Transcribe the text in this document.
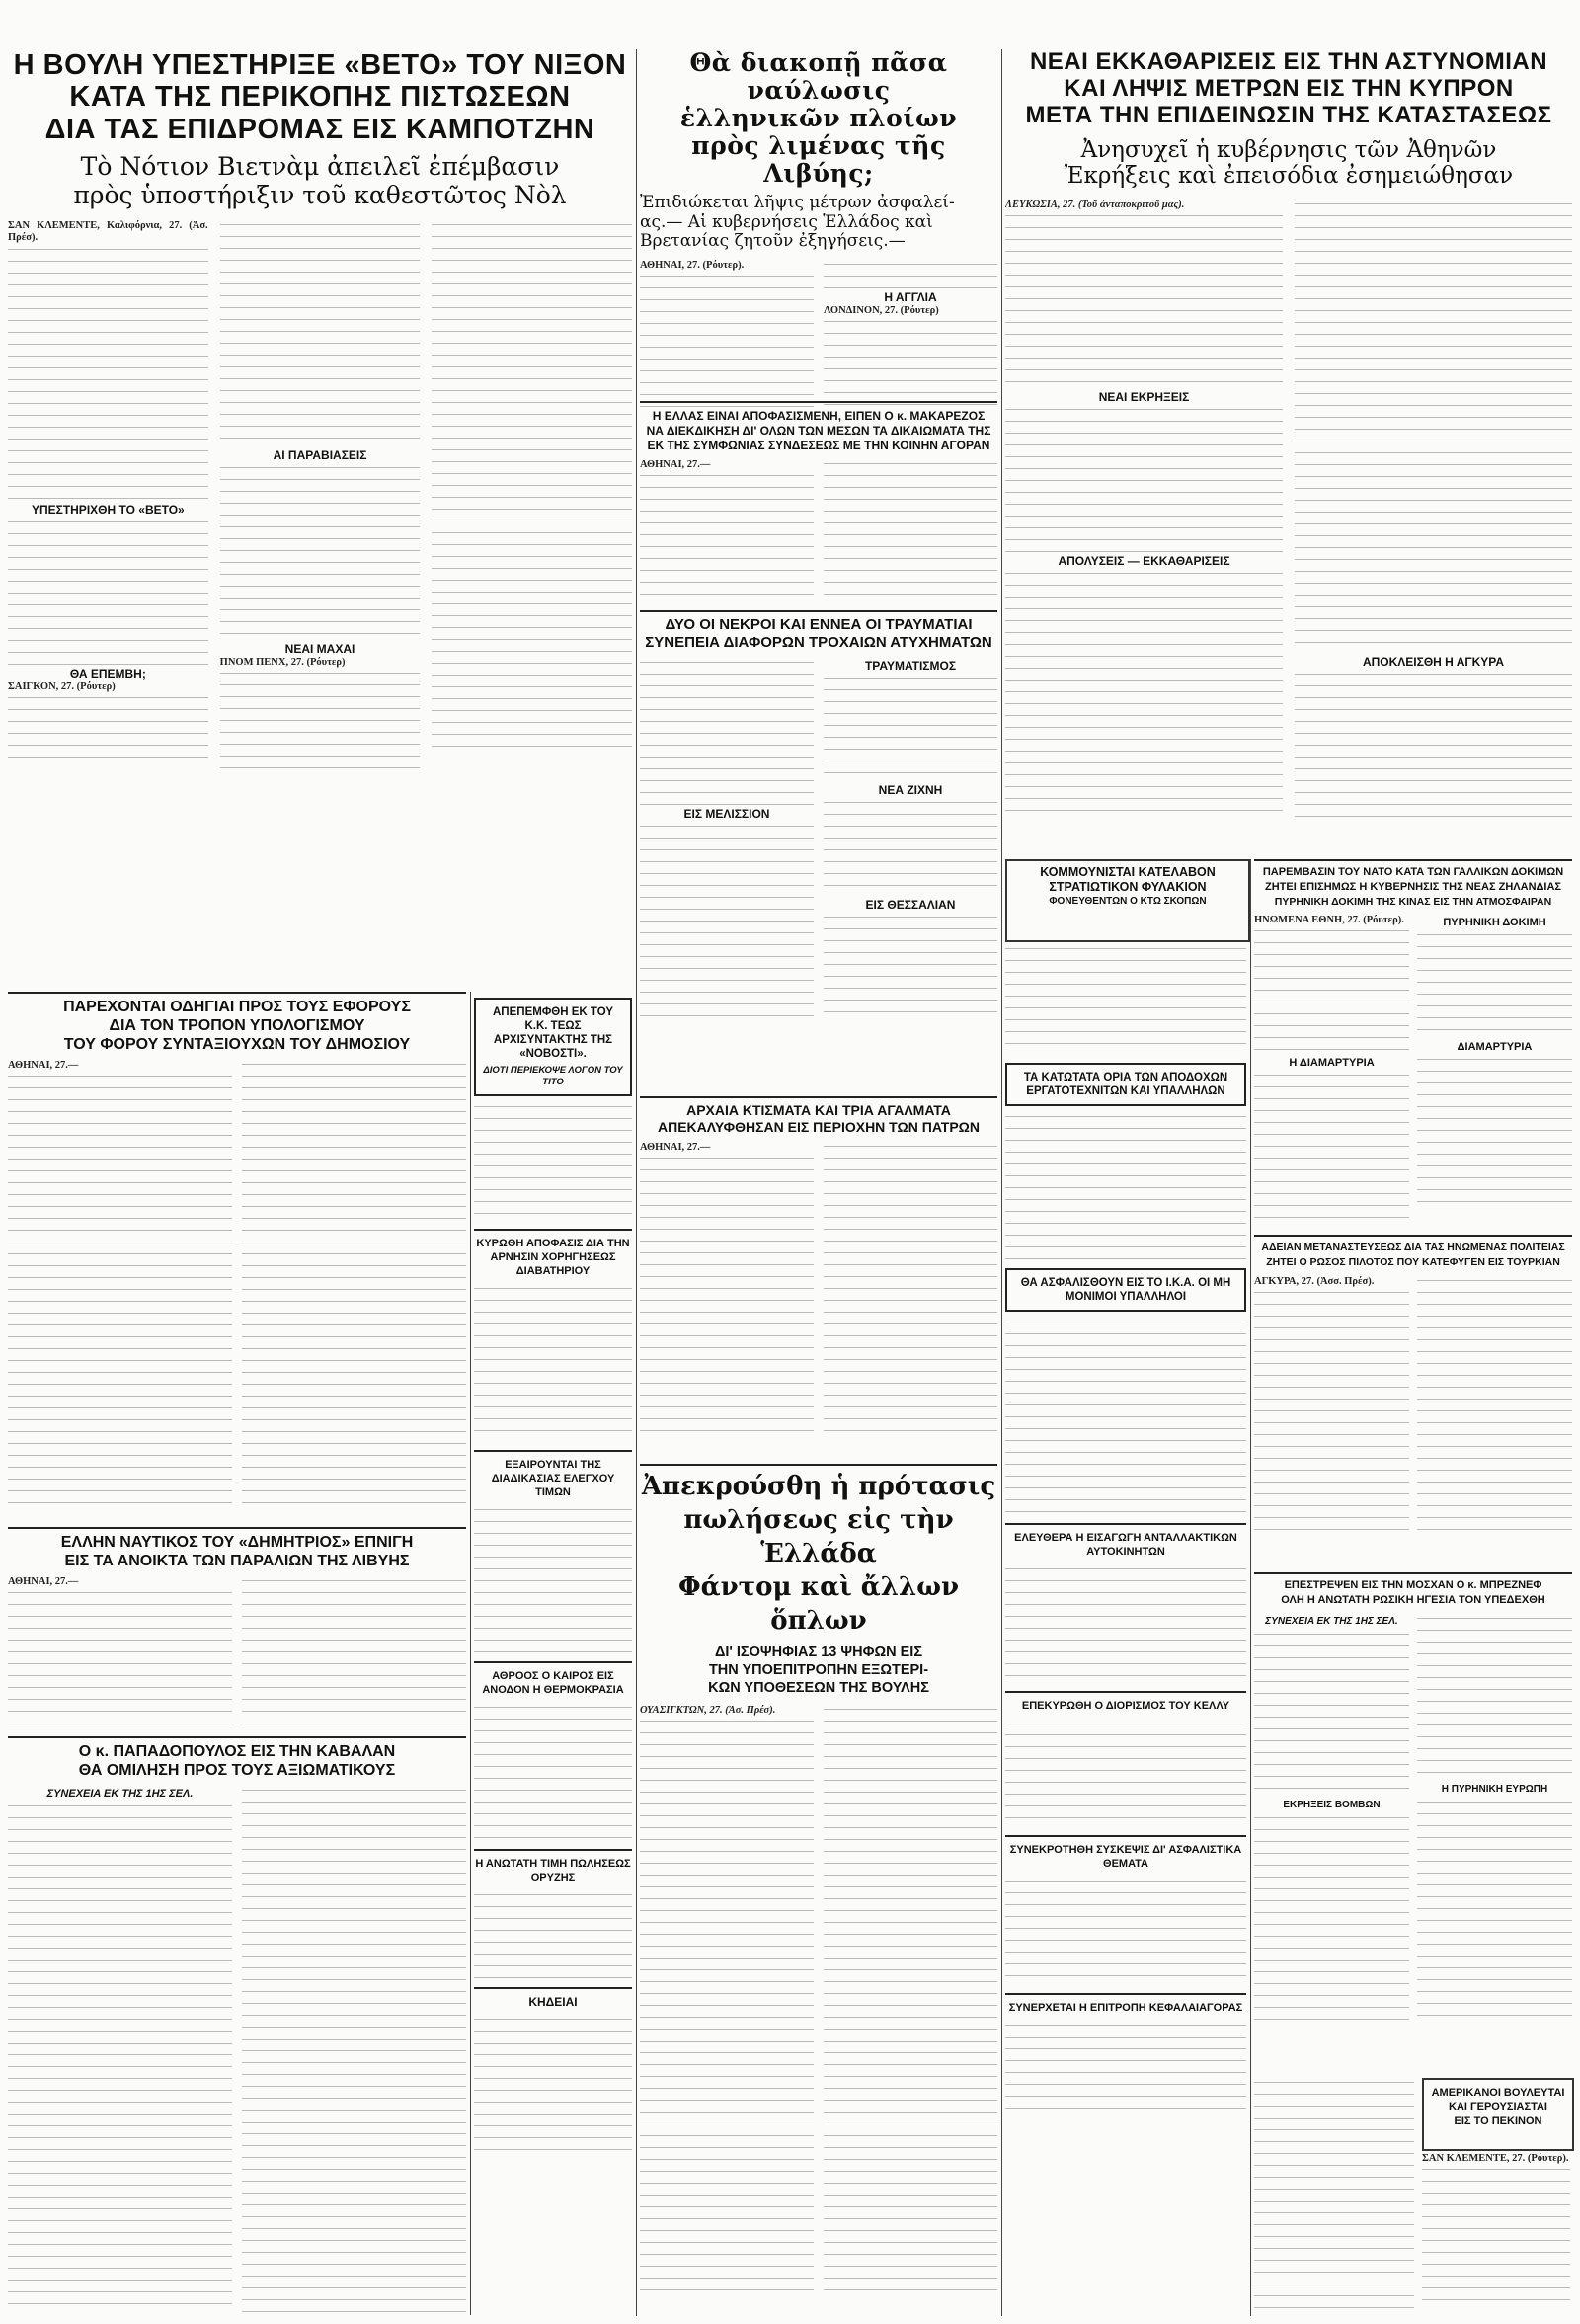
Η ΒΟΥΛΗ ΥΠΕΣΤΗΡΙΞΕ «ΒΕΤΟ» ΤΟΥ ΝΙΞΟΝ
ΚΑΤΑ ΤΗΣ ΠΕΡΙΚΟΠΗΣ ΠΙΣΤΩΣΕΩΝ
ΔΙΑ ΤΑΣ ΕΠΙΔΡΟΜΑΣ ΕΙΣ ΚΑΜΠΟΤΖΗΝ

Τὸ Νότιον Βιετνὰμ ἀπειλεῖ ἐπέμβασιν

πρὸς ὑποστήριξιν τοῦ καθεστῶτος Νὸλ

ΣΑΝ ΚΛΕΜΕΝΤΕ, Καλιφόρνια, 27. (Ἀσ. Πρέσ).

ΥΠΕΣΤΗΡΙΧΘΗ ΤΟ «ΒΕΤΟ»

ΘΑ ΕΠΕΜΒΗ;

ΣΑΙΓΚΟΝ, 27. (Ρόυτερ)

ΑΙ ΠΑΡΑΒΙΑΣΕΙΣ

ΝΕΑΙ ΜΑΧΑΙ

ΠΝΟΜ ΠΕΝΧ, 27. (Ρόυτερ)

Θὰ διακοπῇ πᾶσα ναύλωσις
ἑλληνικῶν πλοίων
πρὸς λιμένας τῆς Λιβύης;

Ἐπιδιώκεται λῆψις μέτρων ἀσφαλεί-

ας.— Αἱ κυβερνήσεις Ἑλλάδος καὶ

Βρετανίας ζητοῦν ἐξηγήσεις.—

ΑΘΗΝΑΙ, 27. (Ρόυτερ).

Η ΑΓΓΛΙΑ

ΛΟΝΔΙΝΟΝ, 27. (Ρόυτερ)

ΝΕΑΙ ΕΚΚΑΘΑΡΙΣΕΙΣ ΕΙΣ ΤΗΝ ΑΣΤΥΝΟΜΙΑΝ
ΚΑΙ ΛΗΨΙΣ ΜΕΤΡΩΝ ΕΙΣ ΤΗΝ ΚΥΠΡΟΝ
ΜΕΤΑ ΤΗΝ ΕΠΙΔΕΙΝΩΣΙΝ ΤΗΣ ΚΑΤΑΣΤΑΣΕΩΣ

Ἀνησυχεῖ ἡ κυβέρνησις τῶν Ἀθηνῶν

Ἐκρήξεις καὶ ἐπεισόδια ἐσημειώθησαν

ΛΕΥΚΩΣΙΑ, 27. (Τοῦ ἀνταποκριτοῦ μας).

ΝΕΑΙ ΕΚΡΗΞΕΙΣ

ΑΠΟΛΥΣΕΙΣ — ΕΚΚΑΘΑΡΙΣΕΙΣ

ΑΠΟΚΛΕΙΣΘΗ Η ΑΓΚΥΡΑ

Η ΕΛΛΑΣ ΕΙΝΑΙ ΑΠΟΦΑΣΙΣΜΕΝΗ, ΕΙΠΕΝ Ο κ. ΜΑΚΑΡΕΖΟΣ

ΝΑ ΔΙΕΚΔΙΚΗΣΗ ΔΙ' ΟΛΩΝ ΤΩΝ ΜΕΣΩΝ ΤΑ ΔΙΚΑΙΩΜΑΤΑ ΤΗΣ

ΕΚ ΤΗΣ ΣΥΜΦΩΝΙΑΣ ΣΥΝΔΕΣΕΩΣ ΜΕ ΤΗΝ ΚΟΙΝΗΝ ΑΓΟΡΑΝ

ΑΘΗΝΑΙ, 27.—

ΔΥΟ ΟΙ ΝΕΚΡΟΙ ΚΑΙ ΕΝΝΕΑ ΟΙ ΤΡΑΥΜΑΤΙΑΙ

ΣΥΝΕΠΕΙΑ ΔΙΑΦΟΡΩΝ ΤΡΟΧΑΙΩΝ ΑΤΥΧΗΜΑΤΩΝ

ΕΙΣ ΜΕΛΙΣΣΙΟΝ

ΤΡΑΥΜΑΤΙΣΜΟΣ

ΝΕΑ ΖΙΧΝΗ

ΕΙΣ ΘΕΣΣΑΛΙΑΝ

ΚΟΜΜΟΥΝΙΣΤΑΙ ΚΑΤΕΛΑΒΟΝ ΣΤΡΑΤΙΩΤΙΚΟΝ ΦΥΛΑΚΙΟΝ

ΦΟΝΕΥΘΕΝΤΩΝ Ο ΚΤΩ ΣΚΟΠΩΝ

ΠΑΡΕΜΒΑΣΙΝ ΤΟΥ ΝΑΤΟ ΚΑΤΑ ΤΩΝ ΓΑΛΛΙΚΩΝ ΔΟΚΙΜΩΝ

ΖΗΤΕΙ ΕΠΙΣΗΜΩΣ Η ΚΥΒΕΡΝΗΣΙΣ ΤΗΣ ΝΕΑΣ ΖΗΛΑΝΔΙΑΣ

ΠΥΡΗΝΙΚΗ ΔΟΚΙΜΗ ΤΗΣ ΚΙΝΑΣ ΕΙΣ ΤΗΝ ΑΤΜΟΣΦΑΙΡΑΝ

ΗΝΩΜΕΝΑ ΕΘΝΗ, 27. (Ρόυτερ).

Η ΔΙΑΜΑΡΤΥΡΙΑ

ΠΥΡΗΝΙΚΗ ΔΟΚΙΜΗ

ΔΙΑΜΑΡΤΥΡΙΑ

ΑΔΕΙΑΝ ΜΕΤΑΝΑΣΤΕΥΣΕΩΣ ΔΙΑ ΤΑΣ ΗΝΩΜΕΝΑΣ ΠΟΛΙΤΕΙΑΣ

ΖΗΤΕΙ Ο ΡΩΣΟΣ ΠΙΛΟΤΟΣ ΠΟΥ ΚΑΤΕΦΥΓΕΝ ΕΙΣ ΤΟΥΡΚΙΑΝ

ΑΓΚΥΡΑ, 27. (Ἀσσ. Πρέσ).

ΠΑΡΕΧΟΝΤΑΙ ΟΔΗΓΙΑΙ ΠΡΟΣ ΤΟΥΣ ΕΦΟΡΟΥΣ

ΔΙΑ ΤΟΝ ΤΡΟΠΟΝ ΥΠΟΛΟΓΙΣΜΟΥ

ΤΟΥ ΦΟΡΟΥ ΣΥΝΤΑΞΙΟΥΧΩΝ ΤΟΥ ΔΗΜΟΣΙΟΥ

ΑΘΗΝΑΙ, 27.—

ΕΛΛΗΝ ΝΑΥΤΙΚΟΣ ΤΟΥ «ΔΗΜΗΤΡΙΟΣ» ΕΠΝΙΓΗ

ΕΙΣ ΤΑ ΑΝΟΙΚΤΑ ΤΩΝ ΠΑΡΑΛΙΩΝ ΤΗΣ ΛΙΒΥΗΣ

ΑΘΗΝΑΙ, 27.—

Ο κ. ΠΑΠΑΔΟΠΟΥΛΟΣ ΕΙΣ ΤΗΝ ΚΑΒΑΛΑΝ

ΘΑ ΟΜΙΛΗΣΗ ΠΡΟΣ ΤΟΥΣ ΑΞΙΩΜΑΤΙΚΟΥΣ

ΣΥΝΕΧΕΙΑ ΕΚ ΤΗΣ 1ΗΣ ΣΕΛ.

ΑΠΕΠΕΜΦΘΗ ΕΚ ΤΟΥ Κ.Κ. ΤΕΩΣ ΑΡΧΙΣΥΝΤΑΚΤΗΣ ΤΗΣ «ΝΟΒΟΣΤΙ».

ΔΙΟΤΙ ΠΕΡΙΕΚΟΨΕ ΛΟΓΟΝ ΤΟΥ ΤΙΤΟ

ΚΥΡΩΘΗ ΑΠΟΦΑΣΙΣ ΔΙΑ ΤΗΝ ΑΡΝΗΣΙΝ ΧΟΡΗΓΗΣΕΩΣ ΔΙΑΒΑΤΗΡΙΟΥ

ΕΞΑΙΡΟΥΝΤΑΙ ΤΗΣ ΔΙΑΔΙΚΑΣΙΑΣ ΕΛΕΓΧΟΥ ΤΙΜΩΝ

ΑΘΡΟΟΣ Ο ΚΑΙΡΟΣ ΕΙΣ ΑΝΟΔΟΝ Η ΘΕΡΜΟΚΡΑΣΙΑ

Η ΑΝΩΤΑΤΗ ΤΙΜΗ ΠΩΛΗΣΕΩΣ ΟΡΥΖΗΣ

ΚΗΔΕΙΑΙ

ΑΡΧΑΙΑ ΚΤΙΣΜΑΤΑ ΚΑΙ ΤΡΙΑ ΑΓΑΛΜΑΤΑ

ΑΠΕΚΑΛΥΦΘΗΣΑΝ ΕΙΣ ΠΕΡΙΟΧΗΝ ΤΩΝ ΠΑΤΡΩΝ

ΑΘΗΝΑΙ, 27.—

Ἀπεκρούσθη ἡ πρότασις

πωλήσεως εἰς τὴν Ἑλλάδα

Φάντομ καὶ ἄλλων ὅπλων

ΔΙ' ΙΣΟΨΗΦΙΑΣ 13 ΨΗΦΩΝ ΕΙΣ

ΤΗΝ ΥΠΟΕΠΙΤΡΟΠΗΝ ΕΞΩΤΕΡΙ-

ΚΩΝ ΥΠΟΘΕΣΕΩΝ ΤΗΣ ΒΟΥΛΗΣ

ΟΥΑΣΙΓΚΤΩΝ, 27. (Ἀσ. Πρέσ).

ΤΑ ΚΑΤΩΤΑΤΑ ΟΡΙΑ ΤΩΝ ΑΠΟΔΟΧΩΝ ΕΡΓΑΤΟΤΕΧΝΙΤΩΝ ΚΑΙ ΥΠΑΛΛΗΛΩΝ

ΘΑ ΑΣΦΑΛΙΣΘΟΥΝ ΕΙΣ ΤΟ Ι.Κ.Α. ΟΙ ΜΗ ΜΟΝΙΜΟΙ ΥΠΑΛΛΗΛΟΙ

ΕΛΕΥΘΕΡΑ Η ΕΙΣΑΓΩΓΗ ΑΝΤΑΛΛΑΚΤΙΚΩΝ ΑΥΤΟΚΙΝΗΤΩΝ

ΕΠΕΚΥΡΩΘΗ Ο ΔΙΟΡΙΣΜΟΣ ΤΟΥ ΚΕΛΛΥ

ΣΥΝΕΚΡΟΤΗΘΗ ΣΥΣΚΕΨΙΣ ΔΙ' ΑΣΦΑΛΙΣΤΙΚΑ ΘΕΜΑΤΑ

ΣΥΝΕΡΧΕΤΑΙ Η ΕΠΙΤΡΟΠΗ ΚΕΦΑΛΑΙΑΓΟΡΑΣ

ΕΠΕΣΤΡΕΨΕΝ ΕΙΣ ΤΗΝ ΜΟΣΧΑΝ Ο κ. ΜΠΡΕΖΝΕΦ

ΟΛΗ Η ΑΝΩΤΑΤΗ ΡΩΣΙΚΗ ΗΓΕΣΙΑ ΤΟΝ ΥΠΕΔΕΧΘΗ

ΣΥΝΕΧΕΙΑ ΕΚ ΤΗΣ 1ΗΣ ΣΕΛ.

ΕΚΡΗΞΕΙΣ ΒΟΜΒΩΝ

Η ΠΥΡΗΝΙΚΗ ΕΥΡΩΠΗ

ΑΜΕΡΙΚΑΝΟΙ ΒΟΥΛΕΥΤΑΙ

ΚΑΙ ΓΕΡΟΥΣΙΑΣΤΑΙ

ΕΙΣ ΤΟ ΠΕΚΙΝΟΝ

ΣΑΝ ΚΛΕΜΕΝΤΕ, 27. (Ρόυτερ).
